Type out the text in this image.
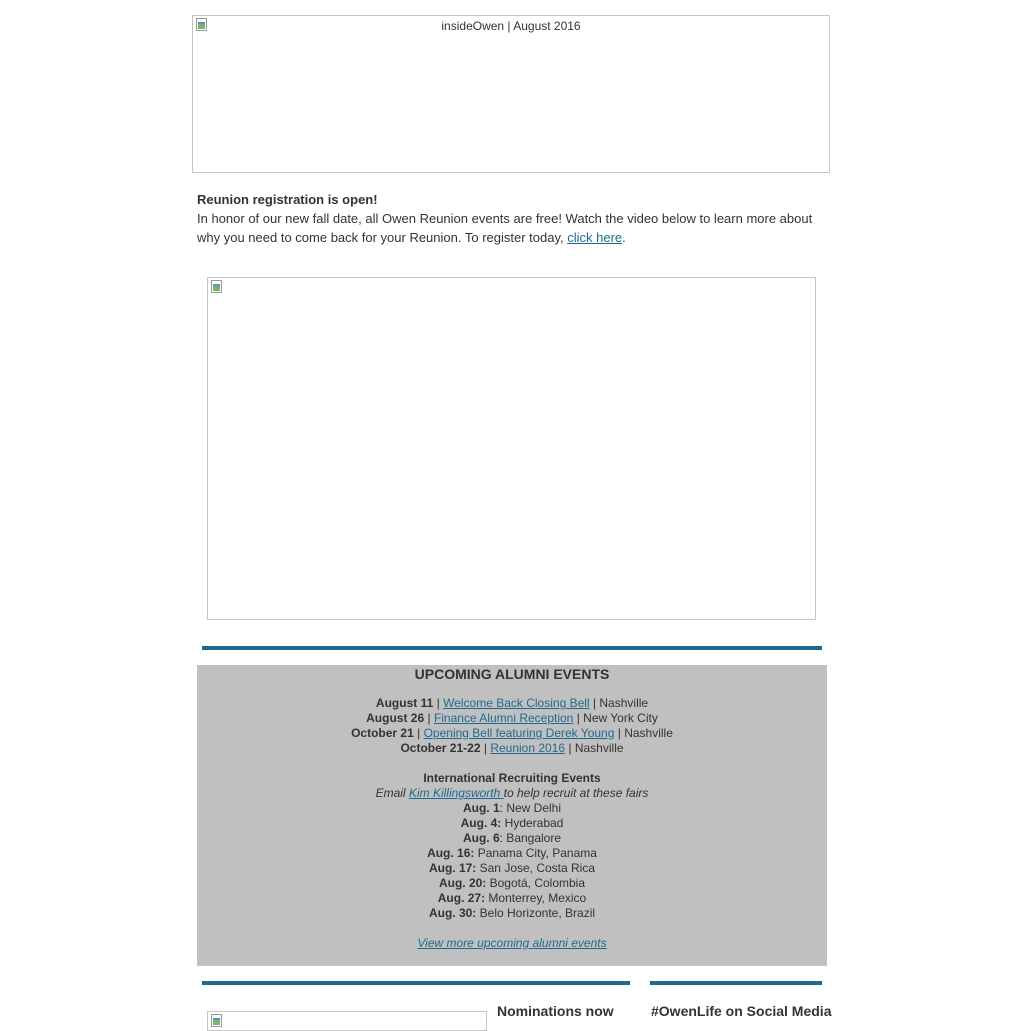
insideOwen | August 2016
Reunion registration is open!
In honor of our new fall date, all Owen Reunion events are free! Watch the video below to learn more about why you need to come back for your Reunion. To register today, click here.
UPCOMING ALUMNI EVENTS
August 11 | Welcome Back Closing Bell | Nashville
August 26 | Finance Alumni Reception | New York City
October 21 | Opening Bell featuring Derek Young | Nashville
October 21-22 | Reunion 2016 | Nashville
International Recruiting Events
Email Kim Killingsworth to help recruit at these fairs
Aug. 1: New Delhi
Aug. 4: Hyderabad
Aug. 6: Bangalore
Aug. 16: Panama City, Panama
Aug. 17: San Jose, Costa Rica
Aug. 20: Bogotá, Colombia
Aug. 27: Monterrey, Mexico
Aug. 30: Belo Horizonte, Brazil
View more upcoming alumni events
Nominations now	#OwenLife on Social Media
